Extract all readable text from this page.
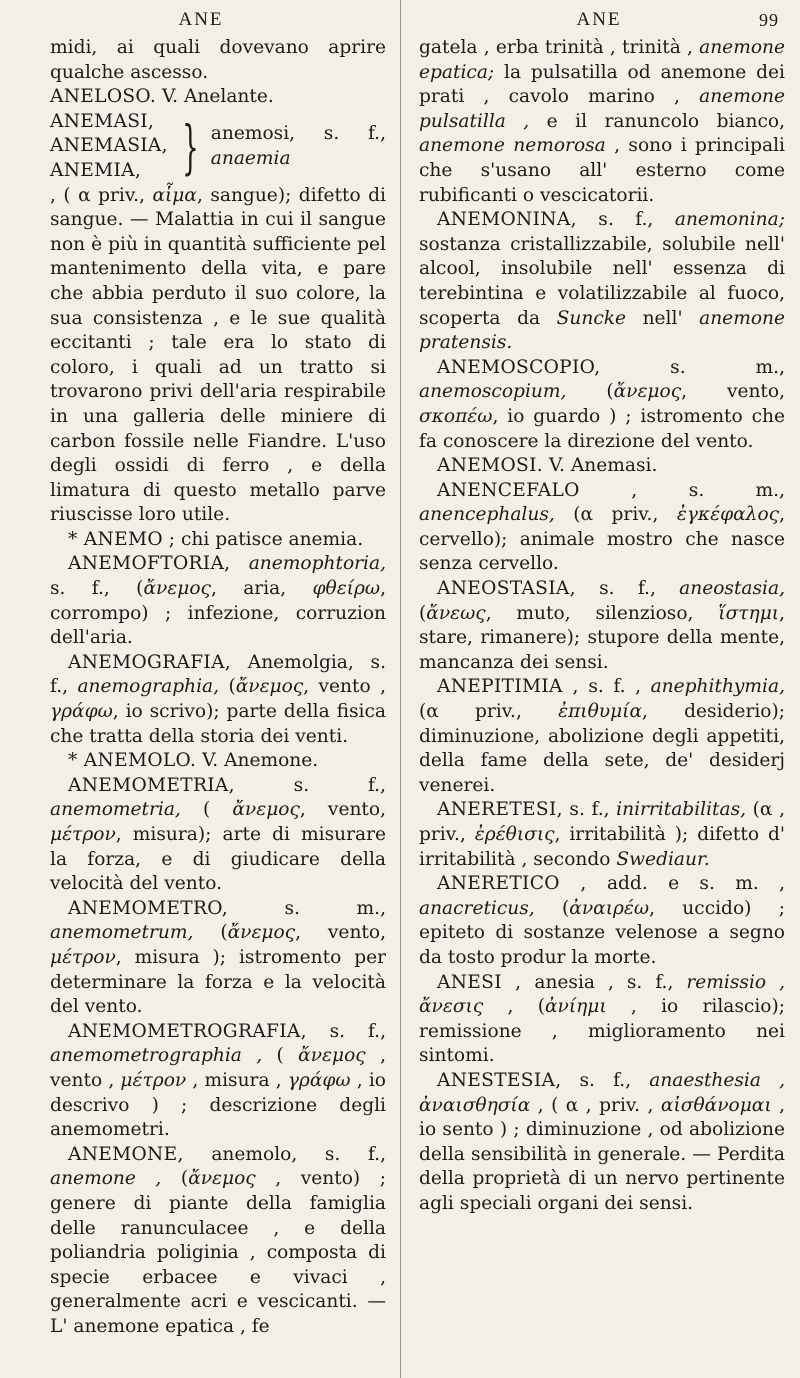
ANE

midi, ai quali dovevano aprire qualche ascesso.

ANELOSO. V. Anelante.

ANEMASI,
ANEMASIA,
ANEMIA, } anemosi, s. f., anaemia

, ( α priv., αἷμα, sangue); difetto di sangue. — Malattia in cui il sangue non è più in quantità sufficiente pel mantenimento della vita, e pare che abbia perduto il suo colore, la sua consistenza , e le sue qualità eccitanti ; tale era lo stato di coloro, i quali ad un tratto si trovarono privi dell'aria respirabile in una galleria delle miniere di carbon fossile nelle Fiandre. L'uso degli ossidi di ferro , e della limatura di questo metallo parve riuscisse loro utile.

* ANEMO ; chi patisce anemia.

ANEMOFTORIA, anemophtoria, s. f., (ἄνεμος, aria, φθείρω, corrompo) ; infezione, corruzion dell'aria.

ANEMOGRAFIA, Anemolgia, s. f., anemographia, (ἄνεμος, vento , γράφω, io scrivo); parte della fisica che tratta della storia dei venti.

* ANEMOLO. V. Anemone.

ANEMOMETRIA, s. f., anemometria, ( ἄνεμος, vento, μέτρον, misura); arte di misurare la forza, e di giudicare della velocità del vento.

ANEMOMETRO, s. m., anemometrum, (ἄνεμος, vento, μέτρον, misura ); istromento per determinare la forza e la velocità del vento.

ANEMOMETROGRAFIA, s. f., anemometrographia , ( ἄνεμος , vento , μέτρον , misura , γράφω , io descrivo ) ; descrizione degli anemometri.

ANEMONE, anemolo, s. f., anemone , (ἄνεμος , vento) ; genere di piante della famiglia delle ranunculacee , e della poliandria poliginia , composta di specie erbacee e vivaci , generalmente acri e vescicanti. — L' anemone epatica , fe

ANE	99

gatela , erba trinità , trinità , anemone epatica; la pulsatilla od anemone dei prati , cavolo marino , anemone pulsatilla , e il ranuncolo bianco, anemone nemorosa , sono i principali che s'usano all' esterno come rubificanti o vescicatorii.

ANEMONINA, s. f., anemonina; sostanza cristallizzabile, solubile nell' alcool, insolubile nell' essenza di terebintina e volatilizzabile al fuoco, scoperta da Suncke nell' anemone pratensis.

ANEMOSCOPIO, s. m., anemoscopium, (ἄνεμος, vento, σκοπέω, io guardo ) ; istromento che fa conoscere la direzione del vento.

ANEMOSI. V. Anemasi.

ANENCEFALO , s. m., anencephalus, (α priv., ἐγκέφαλος, cervello); animale mostro che nasce senza cervello.

ANEOSTASIA, s. f., aneostasia, (ἄνεως, muto, silenzioso, ἵστημι, stare, rimanere); stupore della mente, mancanza dei sensi.

ANEPITIMIA , s. f. , anephithymia, (α priv., ἐπιθυμία, desiderio); diminuzione, abolizione degli appetiti, della fame della sete, de' desiderj venerei.

ANERETESI, s. f., inirritabilitas, (α , priv., ἐρέθισις, irritabilità ); difetto d' irritabilità , secondo Swediaur.

ANERETICO , add. e s. m. , anacreticus, (ἀναιρέω, uccido) ; epiteto di sostanze velenose a segno da tosto produr la morte.

ANESI , anesia , s. f., remissio , ἄνεσις , (ἀνίημι , io rilascio); remissione , miglioramento nei sintomi.

ANESTESIA, s. f., anaesthesia , ἀναισθησία , ( α , priv. , αἰσθάνομαι , io sento ) ; diminuzione , od abolizione della sensibilità in generale. — Perdita della proprietà di un nervo pertinente agli speciali organi dei sensi.
